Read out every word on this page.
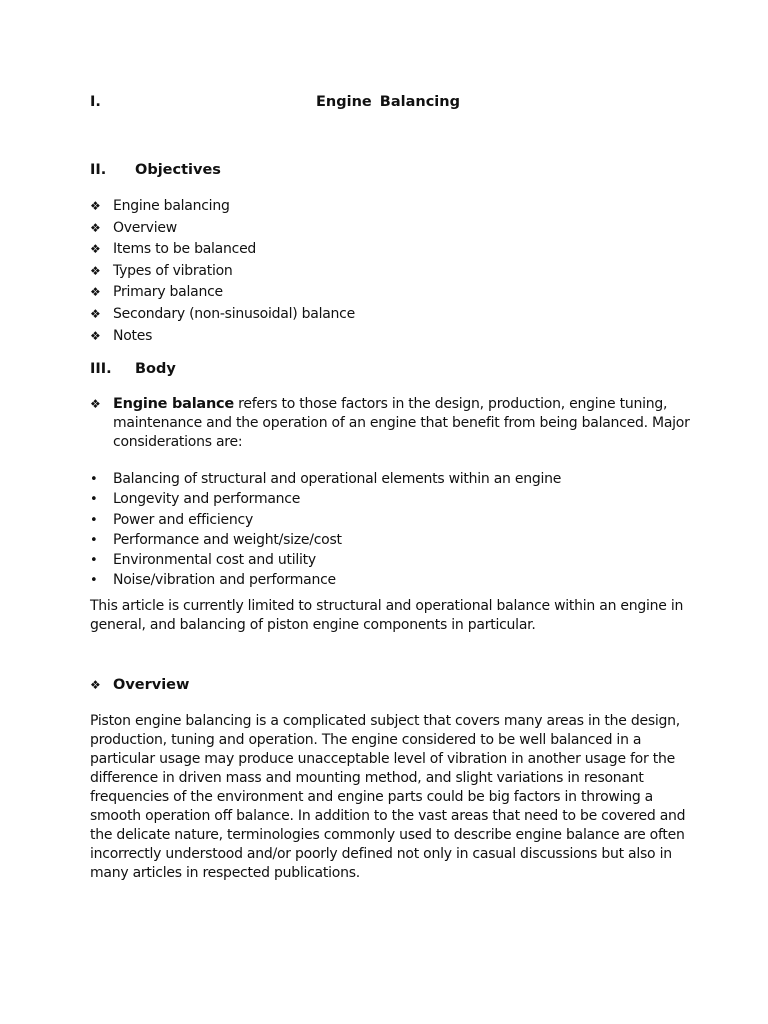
I.	Engine Balancing
II. Objectives
❖ Engine balancing
❖ Overview
❖ Items to be balanced
❖ Types of vibration
❖ Primary balance
❖ Secondary (non-sinusoidal) balance
❖ Notes
III. Body
❖ Engine balance refers to those factors in the design, production, engine tuning, maintenance and the operation of an engine that benefit from being balanced. Major considerations are:
• Balancing of structural and operational elements within an engine
• Longevity and performance
• Power and efficiency
• Performance and weight/size/cost
• Environmental cost and utility
• Noise/vibration and performance

This article is currently limited to structural and operational balance within an engine in general, and balancing of piston engine components in particular.

❖ Overview

Piston engine balancing is a complicated subject that covers many areas in the design, production, tuning and operation. The engine considered to be well balanced in a particular usage may produce unacceptable level of vibration in another usage for the difference in driven mass and mounting method, and slight variations in resonant frequencies of the environment and engine parts could be big factors in throwing a smooth operation off balance. In addition to the vast areas that need to be covered and the delicate nature, terminologies commonly used to describe engine balance are often incorrectly understood and/or poorly defined not only in casual discussions but also in many articles in respected publications.
